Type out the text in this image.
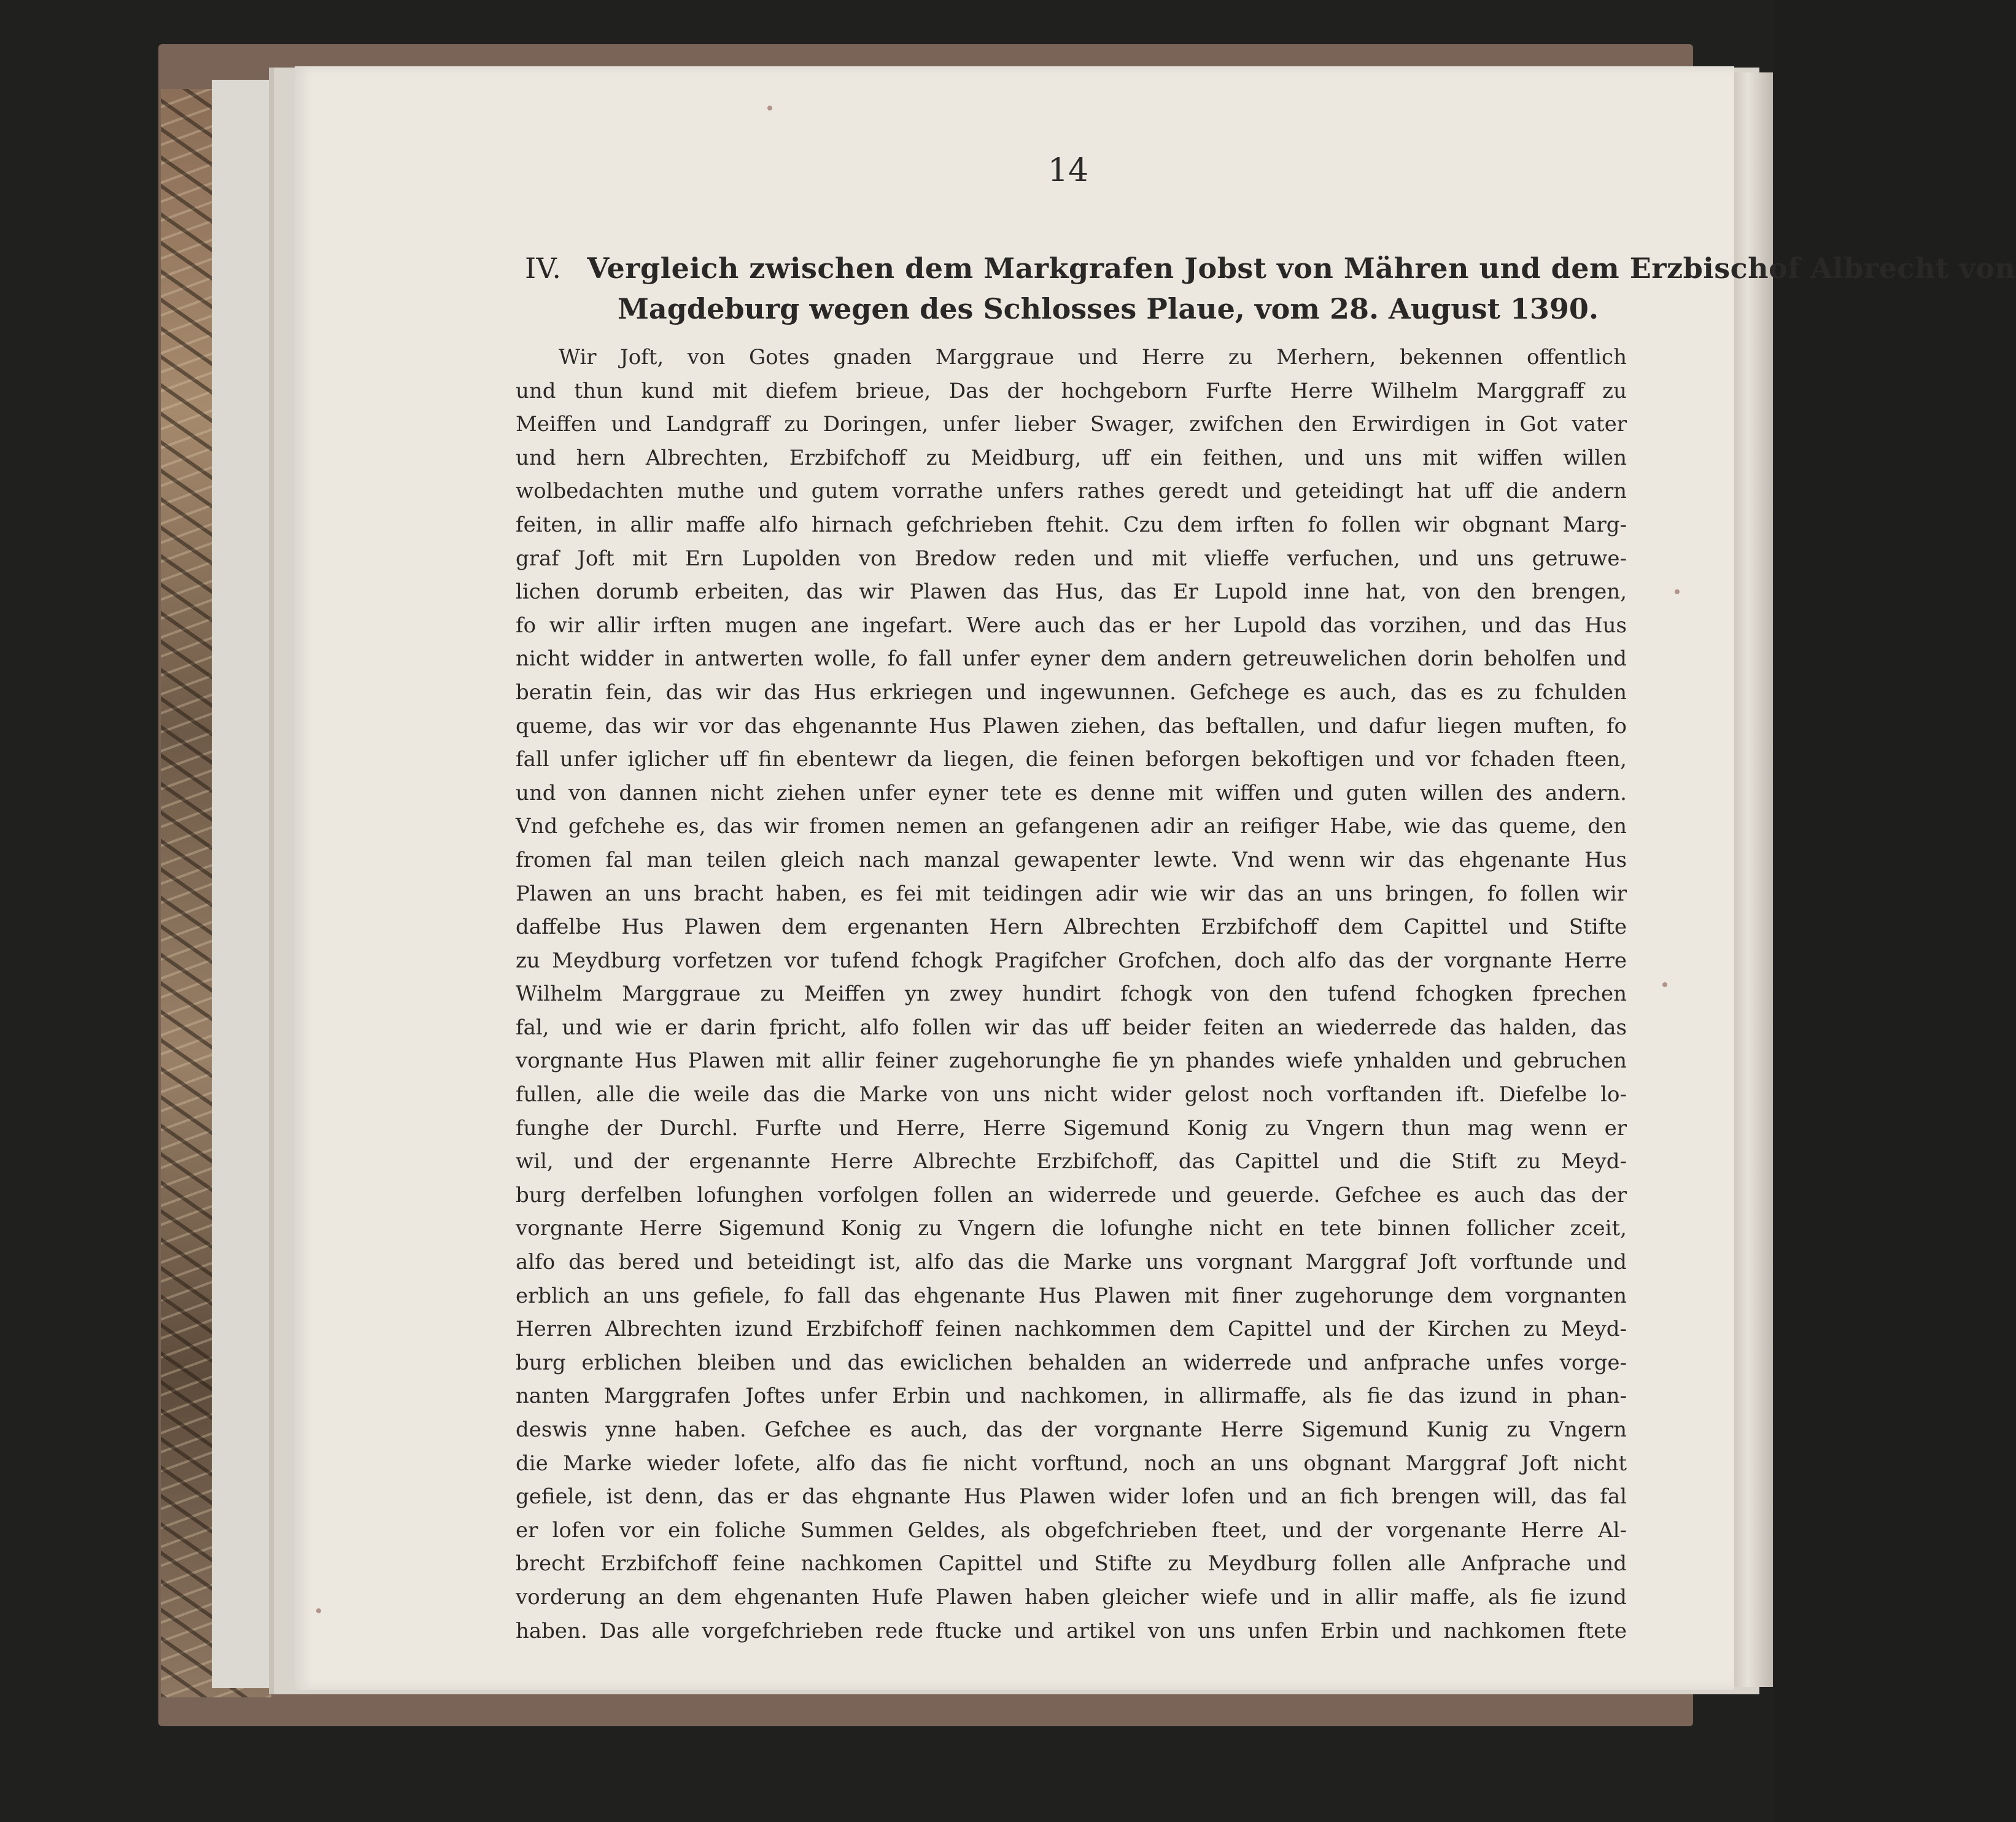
14
IV. Vergleich zwischen dem Markgrafen Jobst von Mähren und dem Erzbischof Albrecht von
Magdeburg wegen des Schlosses Plaue, vom 28. August 1390.
Wir Joft, von Gotes gnaden Marggraue und Herre zu Merhern, bekennen offentlich
und thun kund mit diefem brieue, Das der hochgeborn Furfte Herre Wilhelm Marggraff zu
Meiffen und Landgraff zu Doringen, unfer lieber Swager, zwifchen den Erwirdigen in Got vater
und hern Albrechten, Erzbifchoff zu Meidburg, uff ein feithen, und uns mit wiffen willen
wolbedachten muthe und gutem vorrathe unfers rathes geredt und geteidingt hat uff die andern
feiten, in allir maffe alfo hirnach gefchrieben ftehit. Czu dem irften fo follen wir obgnant Marg-
graf Joft mit Ern Lupolden von Bredow reden und mit vlieffe verfuchen, und uns getruwe-
lichen dorumb erbeiten, das wir Plawen das Hus, das Er Lupold inne hat, von den brengen,
fo wir allir irften mugen ane ingefart. Were auch das er her Lupold das vorzihen, und das Hus
nicht widder in antwerten wolle, fo fall unfer eyner dem andern getreuwelichen dorin beholfen und
beratin fein, das wir das Hus erkriegen und ingewunnen. Gefchege es auch, das es zu fchulden
queme, das wir vor das ehgenannte Hus Plawen ziehen, das beftallen, und dafur liegen muften, fo
fall unfer iglicher uff fin ebentewr da liegen, die feinen beforgen bekoftigen und vor fchaden fteen,
und von dannen nicht ziehen unfer eyner tete es denne mit wiffen und guten willen des andern.
Vnd gefchehe es, das wir fromen nemen an gefangenen adir an reifiger Habe, wie das queme, den
fromen fal man teilen gleich nach manzal gewapenter lewte. Vnd wenn wir das ehgenante Hus
Plawen an uns bracht haben, es fei mit teidingen adir wie wir das an uns bringen, fo follen wir
daffelbe Hus Plawen dem ergenanten Hern Albrechten Erzbifchoff dem Capittel und Stifte
zu Meydburg vorfetzen vor tufend fchogk Pragifcher Grofchen, doch alfo das der vorgnante Herre
Wilhelm Marggraue zu Meiffen yn zwey hundirt fchogk von den tufend fchogken fprechen
fal, und wie er darin fpricht, alfo follen wir das uff beider feiten an wiederrede das halden, das
vorgnante Hus Plawen mit allir feiner zugehorunghe fie yn phandes wiefe ynhalden und gebruchen
fullen, alle die weile das die Marke von uns nicht wider gelost noch vorftanden ift. Diefelbe lo-
funghe der Durchl. Furfte und Herre, Herre Sigemund Konig zu Vngern thun mag wenn er
wil, und der ergenannte Herre Albrechte Erzbifchoff, das Capittel und die Stift zu Meyd-
burg derfelben lofunghen vorfolgen follen an widerrede und geuerde. Gefchee es auch das der
vorgnante Herre Sigemund Konig zu Vngern die lofunghe nicht en tete binnen follicher zceit,
alfo das bered und beteidingt ist, alfo das die Marke uns vorgnant Marggraf Joft vorftunde und
erblich an uns gefiele, fo fall das ehgenante Hus Plawen mit finer zugehorunge dem vorgnanten
Herren Albrechten izund Erzbifchoff feinen nachkommen dem Capittel und der Kirchen zu Meyd-
burg erblichen bleiben und das ewiclichen behalden an widerrede und anfprache unfes vorge-
nanten Marggrafen Joftes unfer Erbin und nachkomen, in allirmaffe, als fie das izund in phan-
deswis ynne haben. Gefchee es auch, das der vorgnante Herre Sigemund Kunig zu Vngern
die Marke wieder lofete, alfo das fie nicht vorftund, noch an uns obgnant Marggraf Joft nicht
gefiele, ist denn, das er das ehgnante Hus Plawen wider lofen und an fich brengen will, das fal
er lofen vor ein foliche Summen Geldes, als obgefchrieben fteet, und der vorgenante Herre Al-
brecht Erzbifchoff feine nachkomen Capittel und Stifte zu Meydburg follen alle Anfprache und
vorderung an dem ehgenanten Hufe Plawen haben gleicher wiefe und in allir maffe, als fie izund
haben. Das alle vorgefchrieben rede ftucke und artikel von uns unfen Erbin und nachkomen ftete
